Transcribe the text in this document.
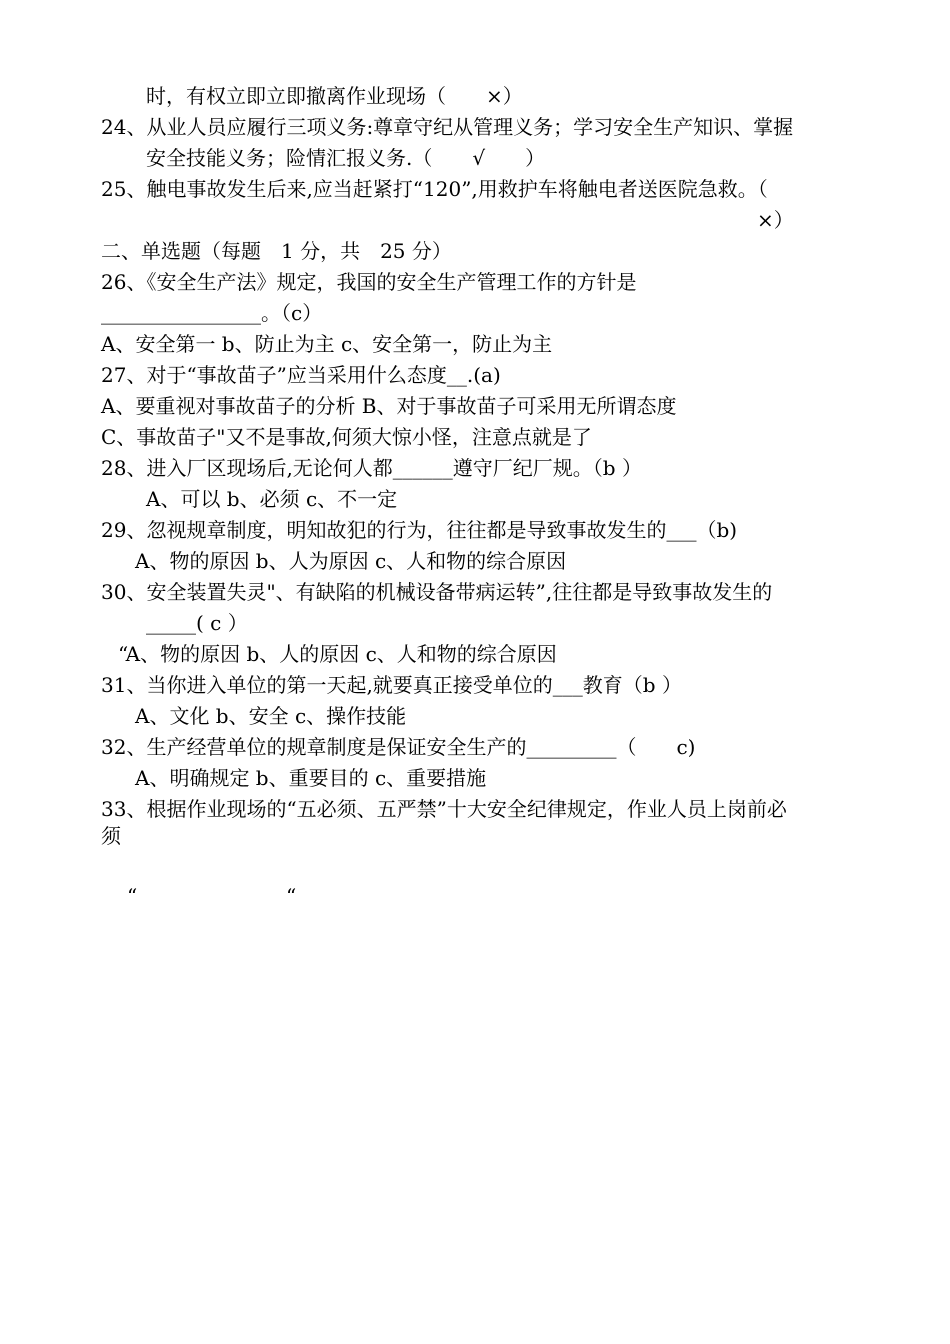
时，有权立即立即撤离作业现场（　　×）
24、从业人员应履行三项义务:尊章守纪从管理义务；学习安全生产知识、掌握
安全技能义务；险情汇报义务.（　　√　　）
25、触电事故发生后来,应当赶紧打“120”,用救护车将触电者送医院急救。（
×）
二、单选题（每题　1 分，共　25 分）
26、《安全生产法》规定，我国的安全生产管理工作的方针是
________________。（c）
A、安全第一 b、防止为主 c、安全第一，防止为主
27、对于“事故苗子”应当采用什么态度__.(a)
A、要重视对事故苗子的分析 B、对于事故苗子可采用无所谓态度
C、事故苗子"又不是事故,何须大惊小怪，注意点就是了
28、进入厂区现场后,无论何人都______遵守厂纪厂规。（b ）
A、可以 b、必须 c、不一定
29、忽视规章制度，明知故犯的行为，往往都是导致事故发生的___（b)
A、物的原因 b、人为原因 c、人和物的综合原因
30、安全装置失灵"、有缺陷的机械设备带病运转”,往往都是导致事故发生的
_____( c ）
“A、物的原因 b、人的原因 c、人和物的综合原因
31、当你进入单位的第一天起,就要真正接受单位的___教育（b ）
A、文化 b、安全 c、操作技能
32、生产经营单位的规章制度是保证安全生产的_________（　　c)
A、明确规定 b、重要目的 c、重要措施
33、根据作业现场的“五必须、五严禁”十大安全纪律规定，作业人员上岗前必
须
“	“
